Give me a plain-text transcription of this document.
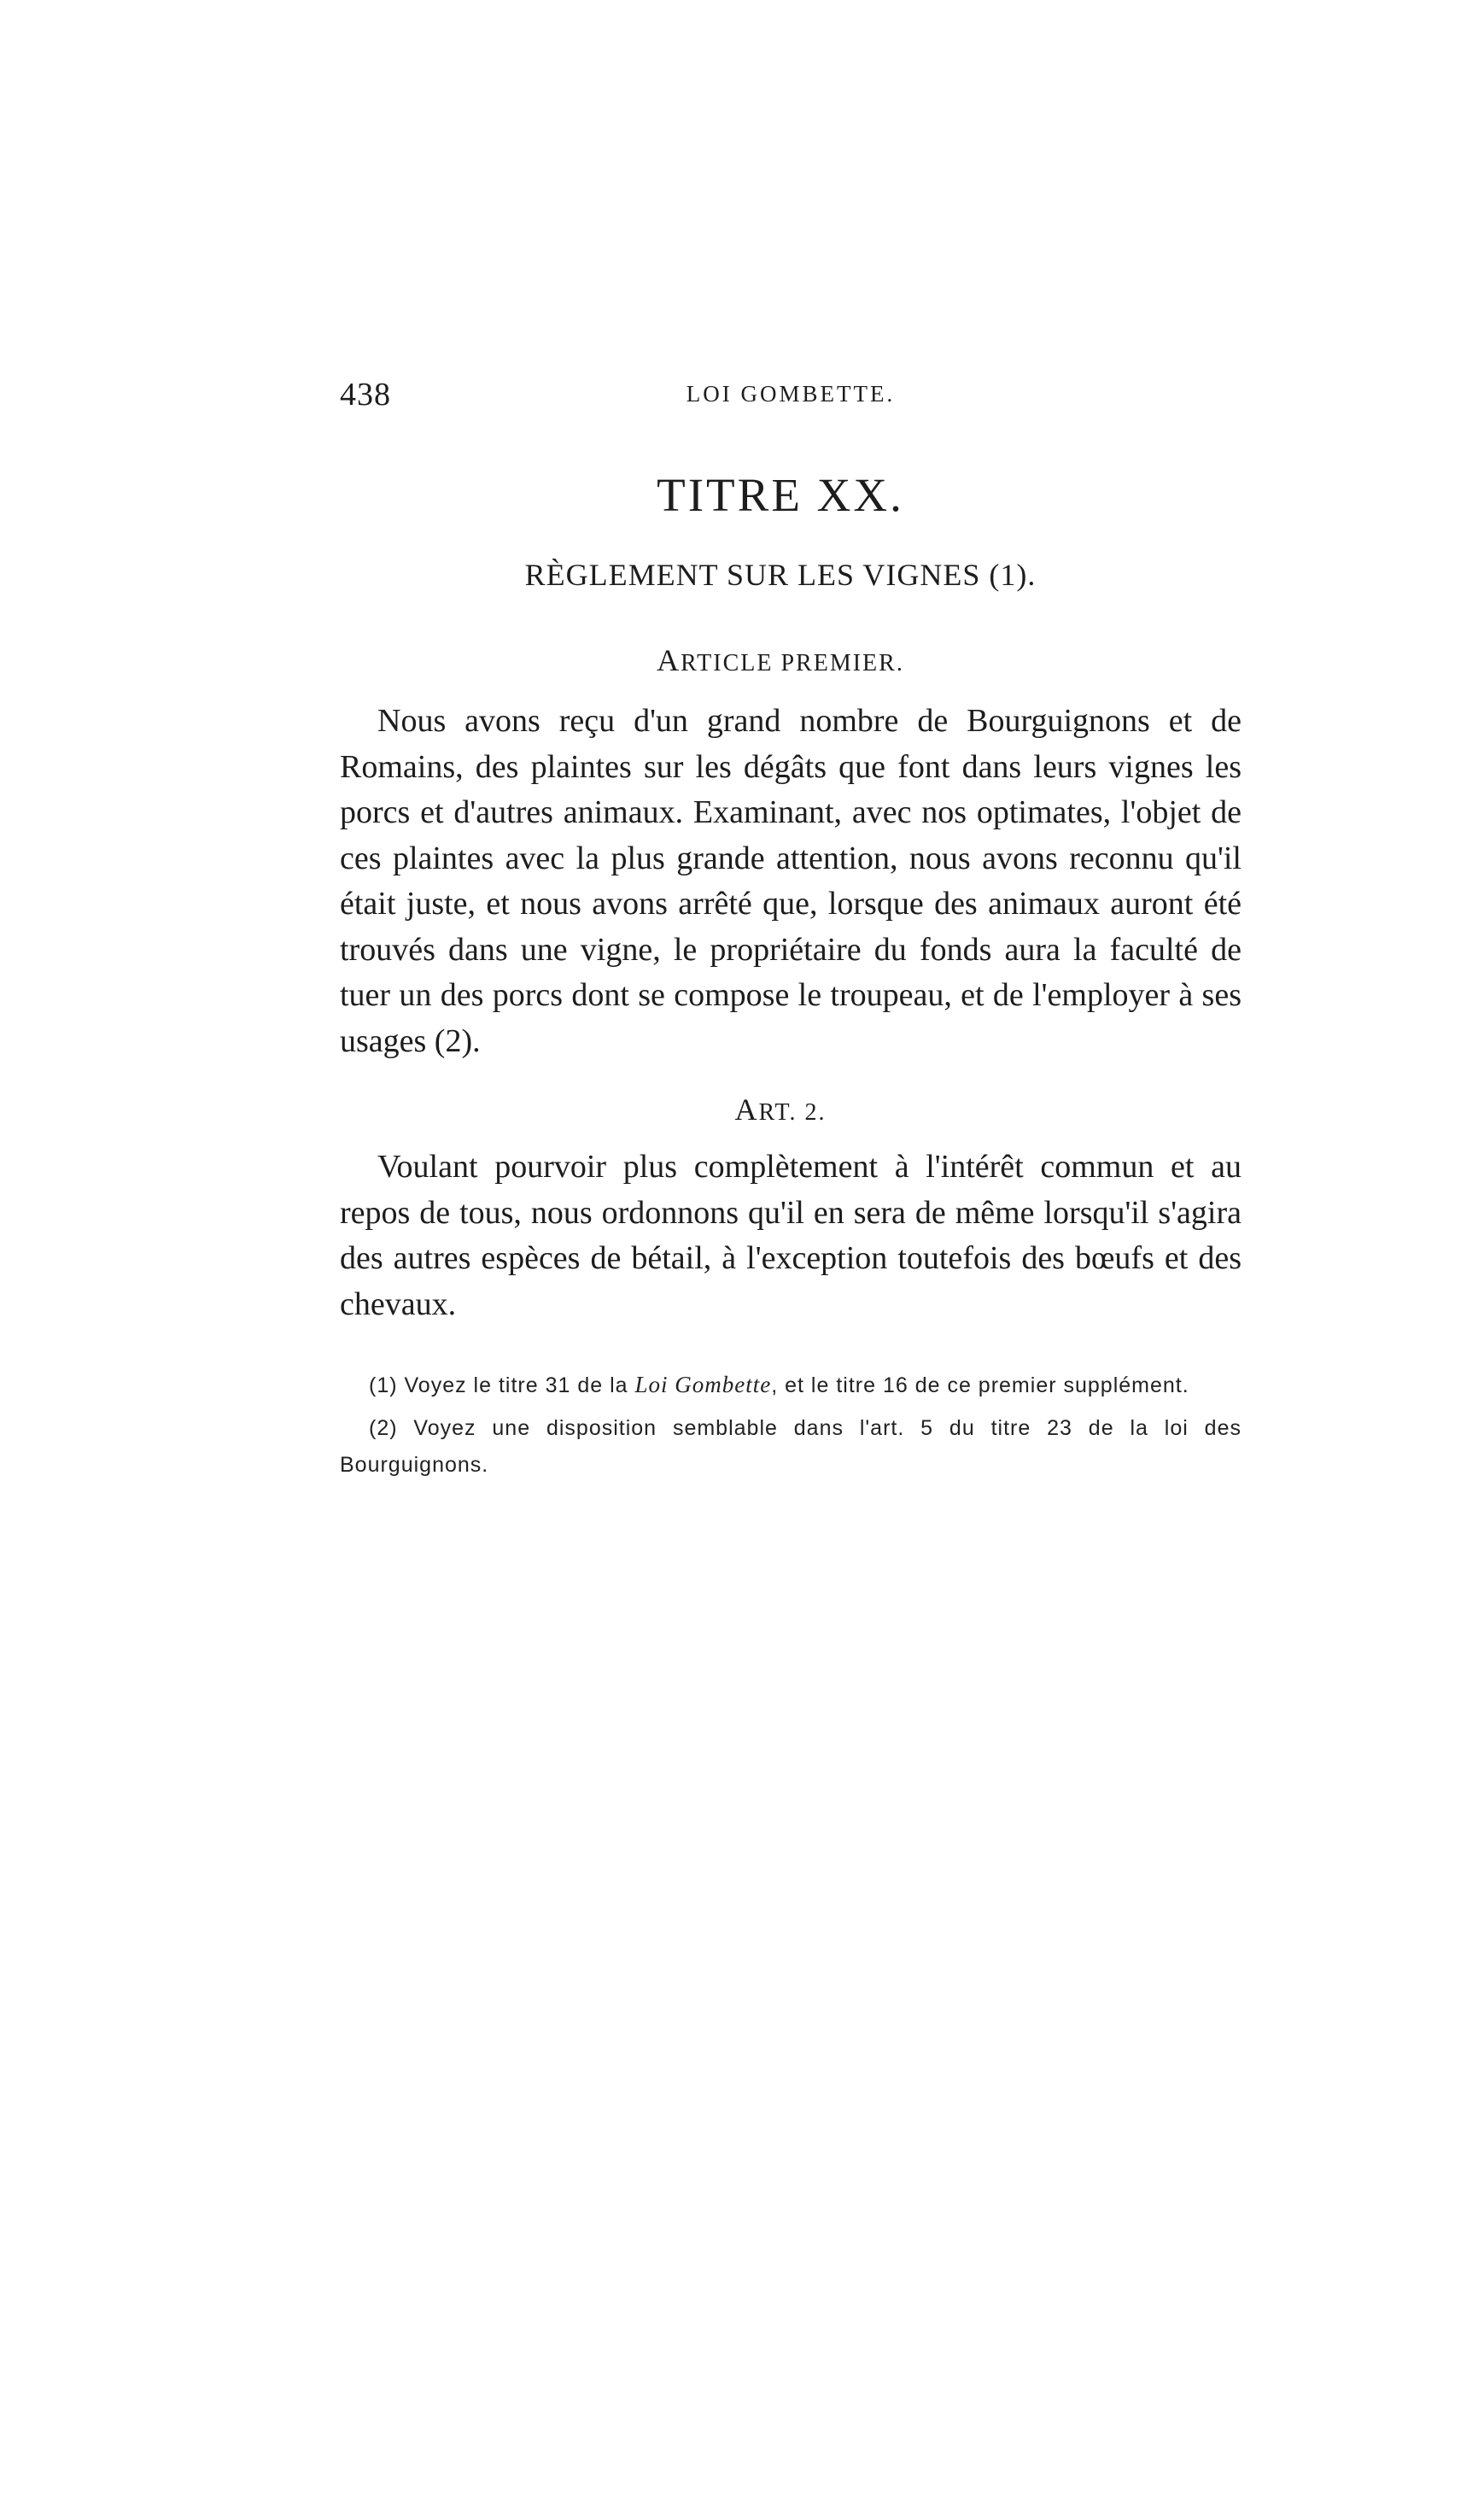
438	LOI GOMBETTE.
TITRE XX.
RÈGLEMENT SUR LES VIGNES (1).
ARTICLE PREMIER.

Nous avons reçu d'un grand nombre de Bourguignons et de Romains, des plaintes sur les dégâts que font dans leurs vignes les porcs et d'autres animaux. Examinant, avec nos optimates, l'objet de ces plaintes avec la plus grande attention, nous avons reconnu qu'il était juste, et nous avons arrêté que, lorsque des animaux auront été trouvés dans une vigne, le propriétaire du fonds aura la faculté de tuer un des porcs dont se compose le troupeau, et de l'employer à ses usages (2).

ART. 2.

Voulant pourvoir plus complètement à l'intérêt commun et au repos de tous, nous ordonnons qu'il en sera de même lorsqu'il s'agira des autres espèces de bétail, à l'exception toutefois des bœufs et des chevaux.

(1) Voyez le titre 31 de la Loi Gombette, et le titre 16 de ce premier supplément.

(2) Voyez une disposition semblable dans l'art. 5 du titre 23 de la loi des Bourguignons.
